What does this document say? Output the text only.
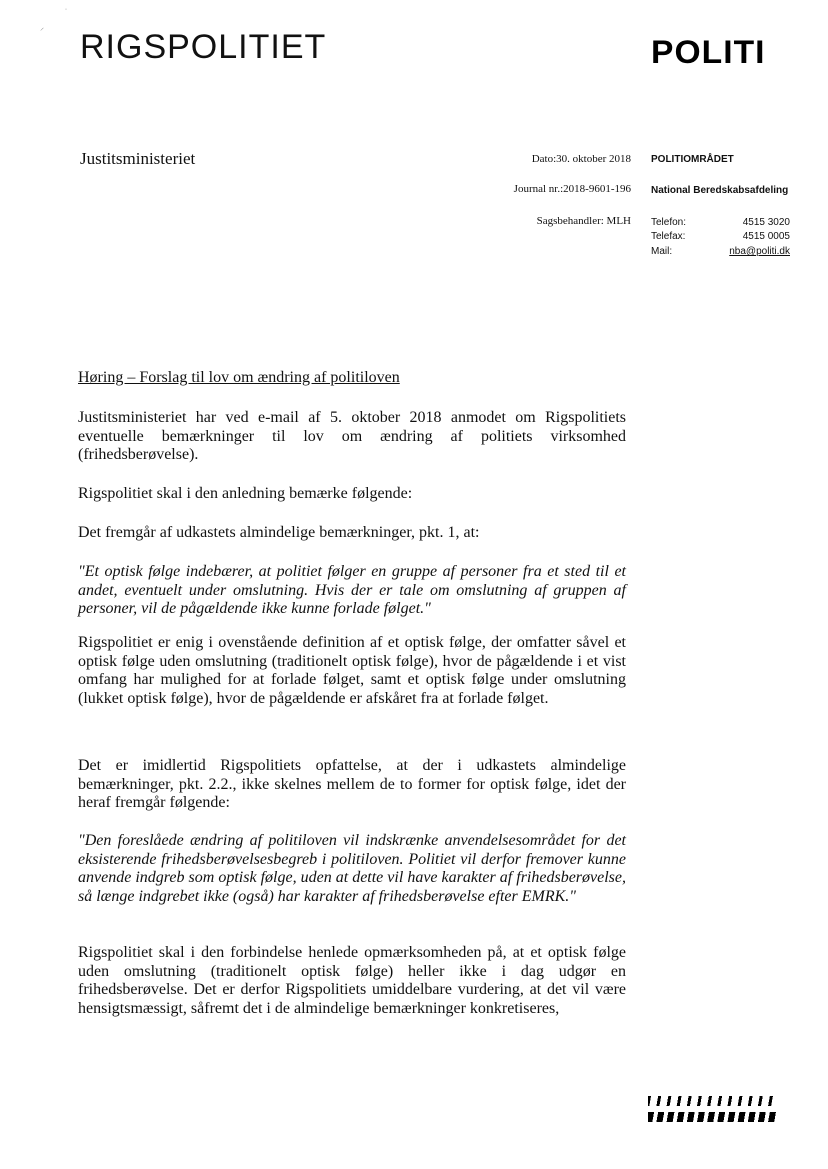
˙
⸝
RIGSPOLITIET	POLITI
Justitsministeriet	Dato:30. oktober 2018
Journal nr.:2018-9601-196
Sagsbehandler: MLH
POLITIOMRÅDET
National Beredskabsafdeling
Telefon:	4515 3020
Telefax:	4515 0005
Mail:	nba@politi.dk
Høring – Forslag til lov om ændring af politiloven
Justitsministeriet har ved e-mail af 5. oktober 2018 anmodet om Rigspolitiets eventuelle bemærkninger til lov om ændring af politiets virksomhed (frihedsberøvelse).
Rigspolitiet skal i den anledning bemærke følgende:
Det fremgår af udkastets almindelige bemærkninger, pkt. 1, at:
"Et optisk følge indebærer, at politiet følger en gruppe af personer fra et sted til et andet, eventuelt under omslutning. Hvis der er tale om omslutning af gruppen af personer, vil de pågældende ikke kunne forlade følget."
Rigspolitiet er enig i ovenstående definition af et optisk følge, der omfatter såvel et optisk følge uden omslutning (traditionelt optisk følge), hvor de pågældende i et vist omfang har mulighed for at forlade følget, samt et optisk følge under omslutning (lukket optisk følge), hvor de pågældende er afskåret fra at forlade følget.
Det er imidlertid Rigspolitiets opfattelse, at der i udkastets almindelige bemærkninger, pkt. 2.2., ikke skelnes mellem de to former for optisk følge, idet der heraf fremgår følgende:
"Den foreslåede ændring af politiloven vil indskrænke anvendelsesområdet for det eksisterende frihedsberøvelsesbegreb i politiloven. Politiet vil derfor fremover kunne anvende indgreb som optisk følge, uden at dette vil have karakter af frihedsberøvelse, så længe indgrebet ikke (også) har karakter af frihedsberøvelse efter EMRK."
Rigspolitiet skal i den forbindelse henlede opmærksomheden på, at et optisk følge uden omslutning (traditionelt optisk følge) heller ikke i dag udgør en frihedsberøvelse. Det er derfor Rigspolitiets umiddelbare vurdering, at det vil være hensigtsmæssigt, såfremt det i de almindelige bemærkninger konkretiseres,
